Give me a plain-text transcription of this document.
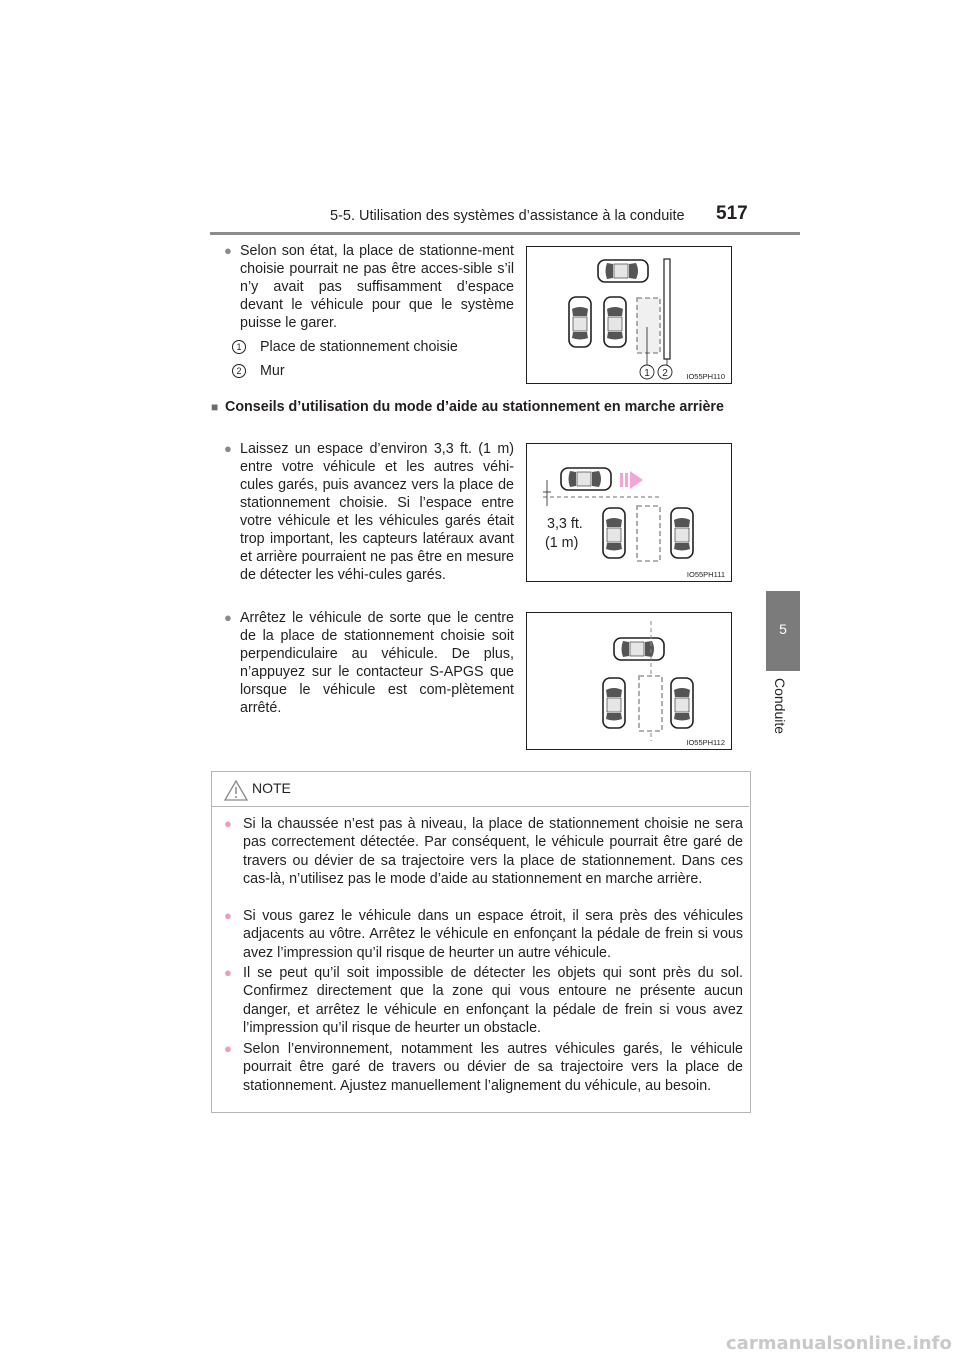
5-5. Utilisation des systèmes d’assistance à la conduite 517
5
Conduite
● Selon son état, la place de stationne-ment choisie pourrait ne pas être acces-sible s’il n’y avait pas suffisamment d’espace devant le véhicule pour que le système puisse le garer.
1 Place de stationnement choisie
2 Mur	1 2 IO55PH110
■ Conseils d’utilisation du mode d’aide au stationnement en marche arrière
● Laissez un espace d’environ 3,3 ft. (1 m) entre votre véhicule et les autres véhi-cules garés, puis avancez vers la place de stationnement choisie. Si l’espace entre votre véhicule et les véhicules garés était trop important, les capteurs latéraux avant et arrière pourraient ne pas être en mesure de détecter les véhi-cules garés.
3,3 ft.
(1 m)
IO55PH111
● Arrêtez le véhicule de sorte que le centre de la place de stationnement choisie soit perpendiculaire au véhicule. De plus, n’appuyez sur le contacteur S-APGS que lorsque le véhicule est com-plètement arrêté.
IO55PH112
NOTE
● Si la chaussée n’est pas à niveau, la place de stationnement choisie ne sera pas correctement détectée. Par conséquent, le véhicule pourrait être garé de travers ou dévier de sa trajectoire vers la place de stationnement. Dans ces cas-là, n’utilisez pas le mode d’aide au stationnement en marche arrière.
● Si vous garez le véhicule dans un espace étroit, il sera près des véhicules adjacents au vôtre. Arrêtez le véhicule en enfonçant la pédale de frein si vous avez l’impression qu’il risque de heurter un autre véhicule.
● Il se peut qu’il soit impossible de détecter les objets qui sont près du sol. Confirmez directement que la zone qui vous entoure ne présente aucun danger, et arrêtez le véhicule en enfonçant la pédale de frein si vous avez l’impression qu’il risque de heurter un obstacle.
● Selon l’environnement, notamment les autres véhicules garés, le véhicule pourrait être garé de travers ou dévier de sa trajectoire vers la place de stationnement. Ajustez manuellement l’alignement du véhicule, au besoin.
carmanualsonline.info
